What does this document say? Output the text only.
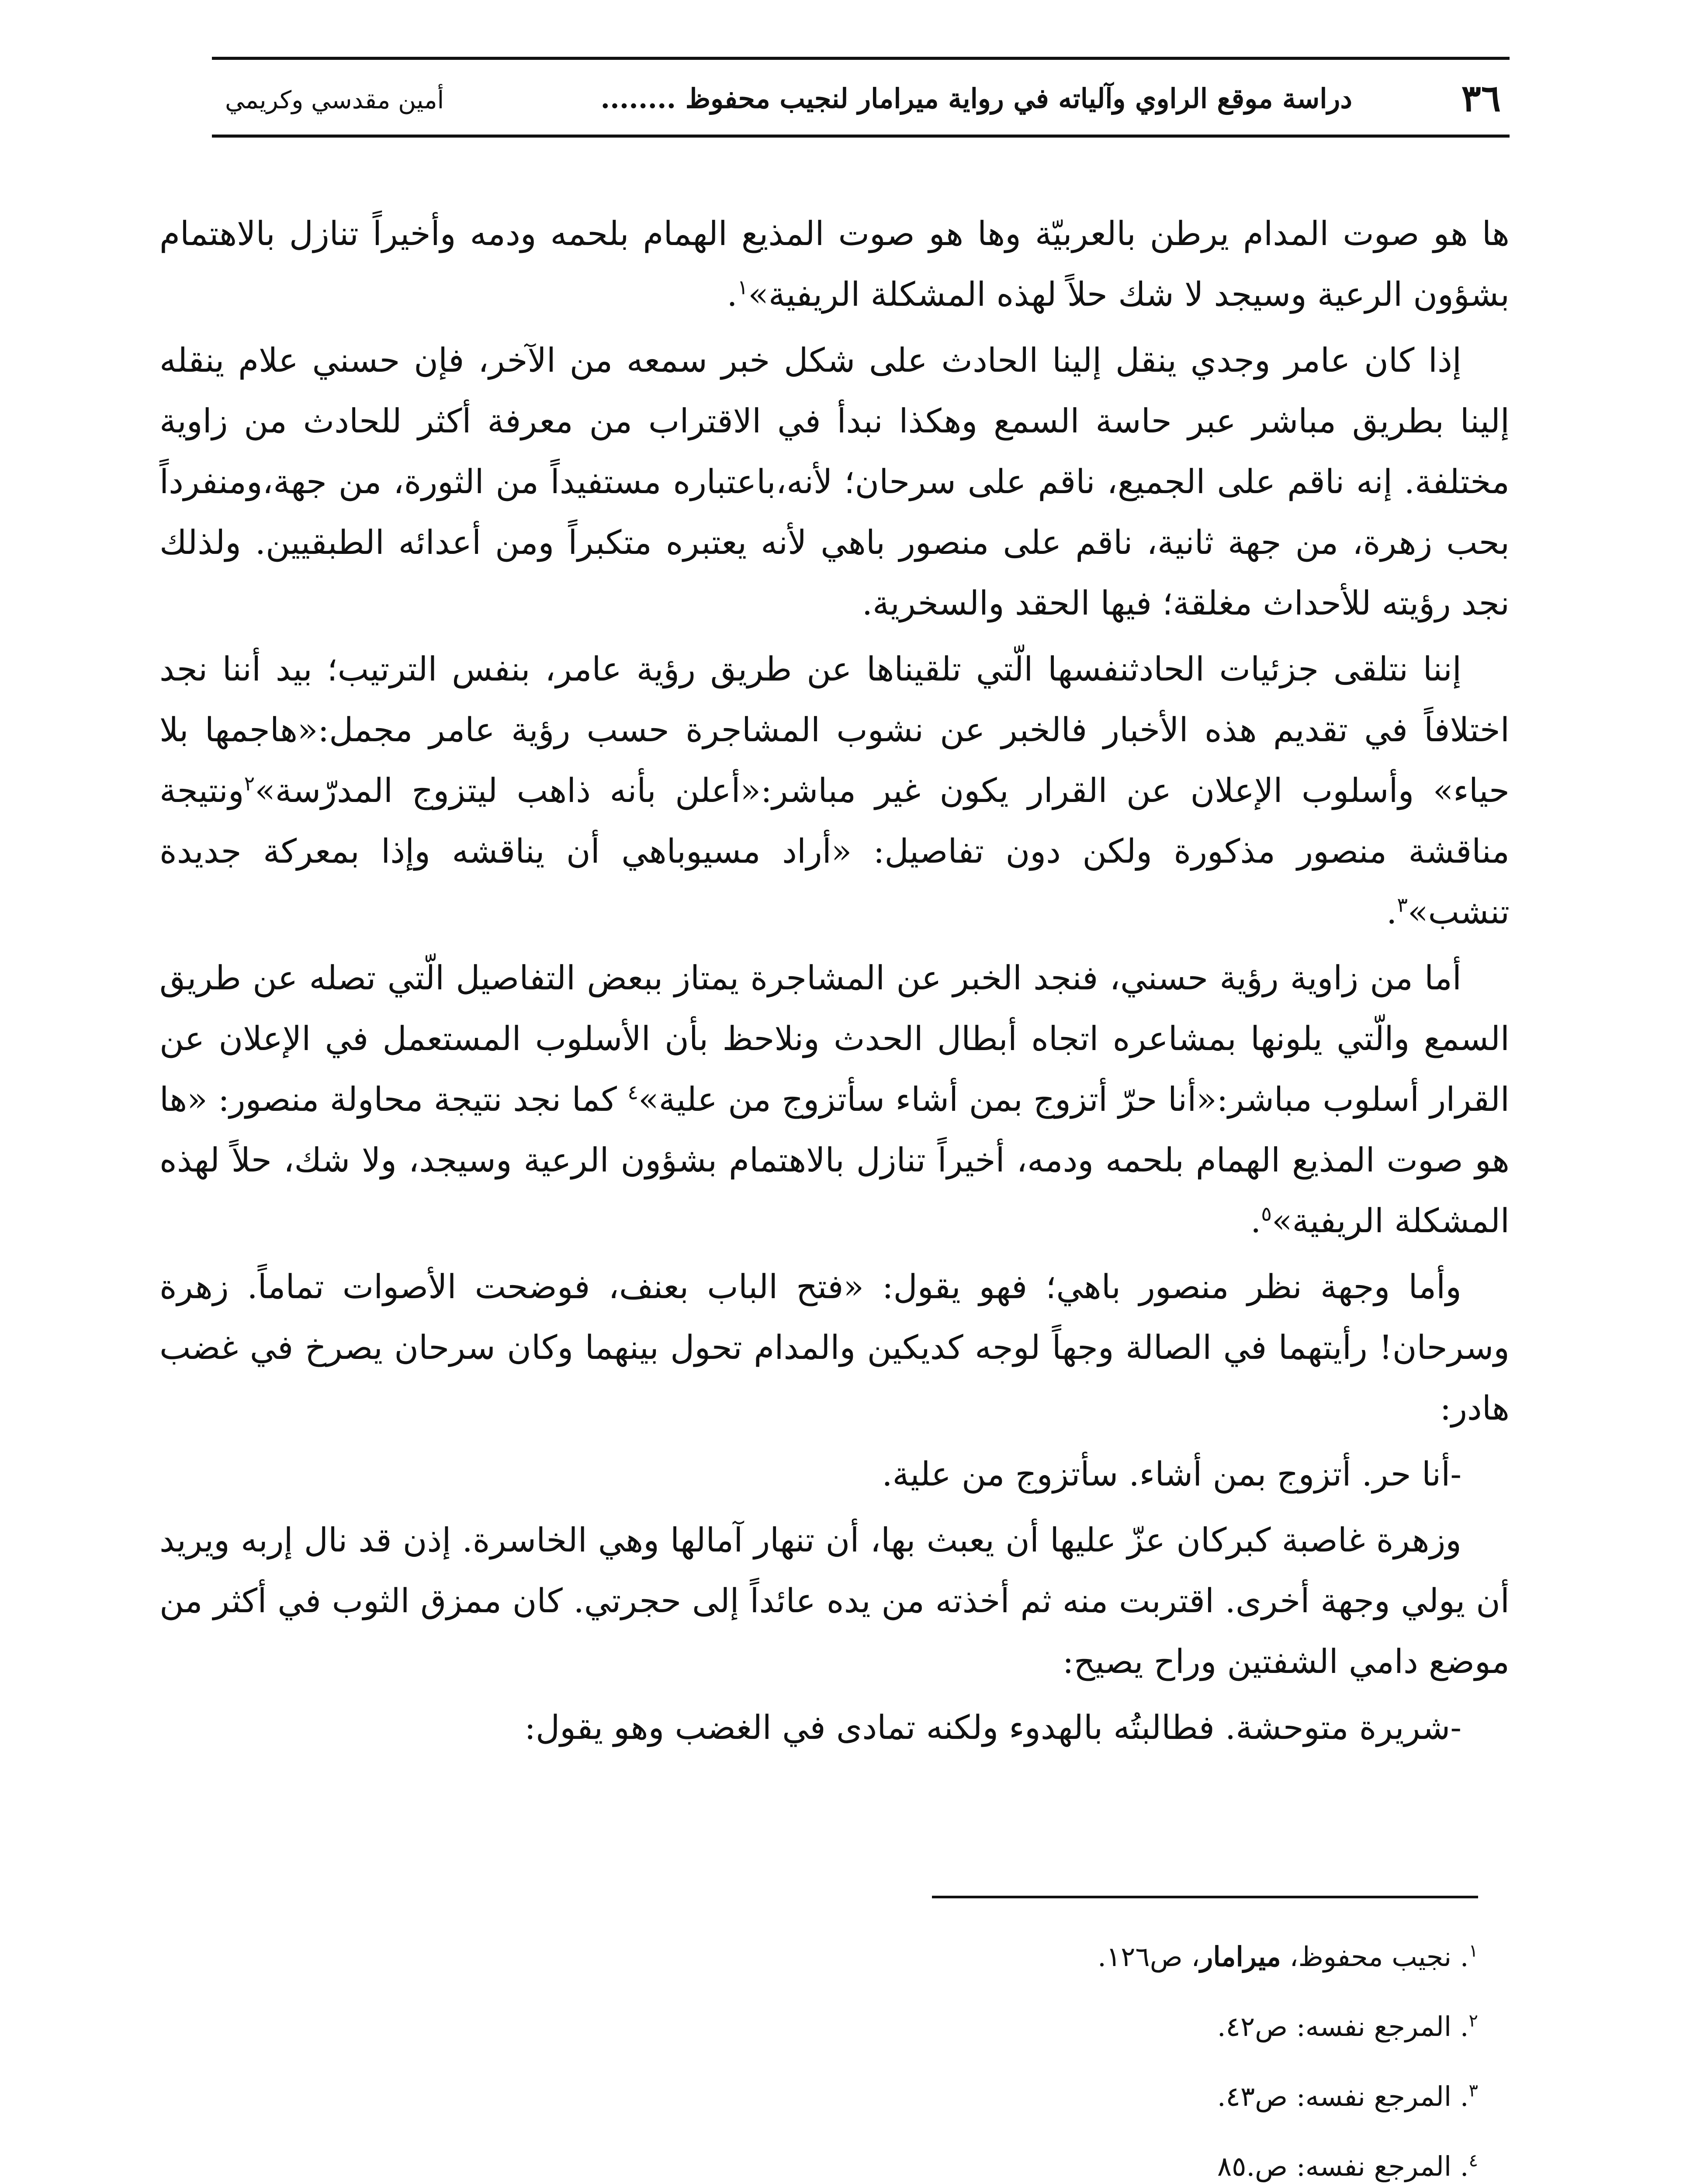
٣٦
دراسة موقع الراوي وآلياته في رواية ميرامار لنجيب محفوظ ........
أمين مقدسي وكريمي

ها هو صوت المدام يرطن بالعربيّة وها هو صوت المذيع الهمام بلحمه ودمه وأخيراً تنازل بالاهتمام بشؤون الرعية وسيجد لا شك حلاً لهذه المشكلة الريفية»$^١$.

إذا كان عامر وجدي ينقل إلينا الحادث على شكل خبر سمعه من الآخر، فإن حسني علام ينقله إلينا بطريق مباشر عبر حاسة السمع وهكذا نبدأ في الاقتراب من معرفة أكثر للحادث من زاوية مختلفة. إنه ناقم على الجميع، ناقم على سرحان؛ لأنه،باعتباره مستفيداً من الثورة، من جهة،ومنفرداً بحب زهرة، من جهة ثانية، ناقم على منصور باهي لأنه يعتبره متكبراً ومن أعدائه الطبقيين. ولذلك نجد رؤيته للأحداث مغلقة؛ فيها الحقد والسخرية.

إننا نتلقى جزئيات الحادثنفسها الّتي تلقيناها عن طريق رؤية عامر، بنفس الترتيب؛ بيد أننا نجد اختلافاً في تقديم هذه الأخبار فالخبر عن نشوب المشاجرة حسب رؤية عامر مجمل:«هاجمها بلا حياء» وأسلوب الإعلان عن القرار يكون غير مباشر:«أعلن بأنه ذاهب ليتزوج المدرّسة»$^٢$ونتيجة مناقشة منصور مذكورة ولكن دون تفاصيل: «أراد مسيوباهي أن يناقشه وإذا بمعركة جديدة تنشب»$^٣$.

أما من زاوية رؤية حسني، فنجد الخبر عن المشاجرة يمتاز ببعض التفاصيل الّتي تصله عن طريق السمع والّتي يلونها بمشاعره اتجاه أبطال الحدث ونلاحظ بأن الأسلوب المستعمل في الإعلان عن القرار أسلوب مباشر:«أنا حرّ أتزوج بمن أشاء سأتزوج من علية»$^٤$ كما نجد نتيجة محاولة منصور: «ها هو صوت المذيع الهمام بلحمه ودمه، أخيراً تنازل بالاهتمام بشؤون الرعية وسيجد، ولا شك، حلاً لهذه المشكلة الريفية»$^٥$.

وأما وجهة نظر منصور باهي؛ فهو يقول: «فتح الباب بعنف، فوضحت الأصوات تماماً. زهرة وسرحان! رأيتهما في الصالة وجهاً لوجه كديكين والمدام تحول بينهما وكان سرحان يصرخ في غضب هادر:

-أنا حر. أتزوج بمن أشاء. سأتزوج من علية.

وزهرة غاصبة كبركان عزّ عليها أن يعبث بها، أن تنهار آمالها وهي الخاسرة. إذن قد نال إربه ويريد أن يولي وجهة أخرى. اقتربت منه ثم أخذته من يده عائداً إلى حجرتي. كان ممزق الثوب في أكثر من موضع دامي الشفتين وراح يصيح:

-شريرة متوحشة. فطالبتُه بالهدوء ولكنه تمادى في الغضب وهو يقول:

$^١$. نجيب محفوظ، ميرامار، ص١٢٦.
$^٢$. المرجع نفسه: ص٤٢.
$^٣$. المرجع نفسه: ص٤٣.
$^٤$. المرجع نفسه: ص.٨٥
